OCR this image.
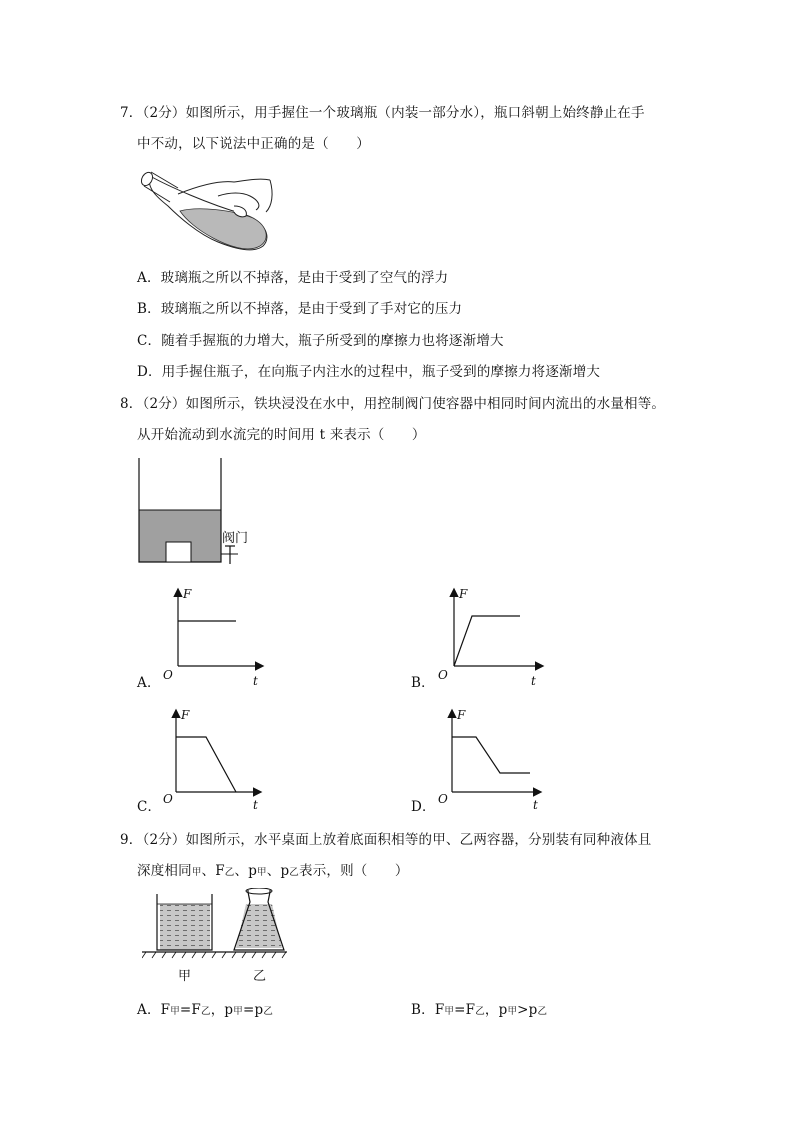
7．（2分）如图所示，用手握住一个玻璃瓶（内装一部分水），瓶口斜朝上始终静止在手
中不动，以下说法中正确的是（　　）
A．玻璃瓶之所以不掉落，是由于受到了空气的浮力
B．玻璃瓶之所以不掉落，是由于受到了手对它的压力
C．随着手握瓶的力增大，瓶子所受到的摩擦力也将逐渐增大
D．用手握住瓶子，在向瓶子内注水的过程中，瓶子受到的摩擦力将逐渐增大
8．（2分）如图所示，铁块浸没在水中，用控制阀门使容器中相同时间内流出的水量相等。
从开始流动到水流完的时间用 t 来表示（　　）
阀门
A．
F
O	t	B．
F
O	t
C．
F
O	t	D．
F
O	t
9．（2分）如图所示，水平桌面上放着底面积相等的甲、乙两容器，分别装有同种液体且
深度相同甲、F乙、p甲、p乙表示，则（　　）
甲	乙
A．F甲=F乙，p甲=p乙	B．F甲=F乙，p甲>p乙
